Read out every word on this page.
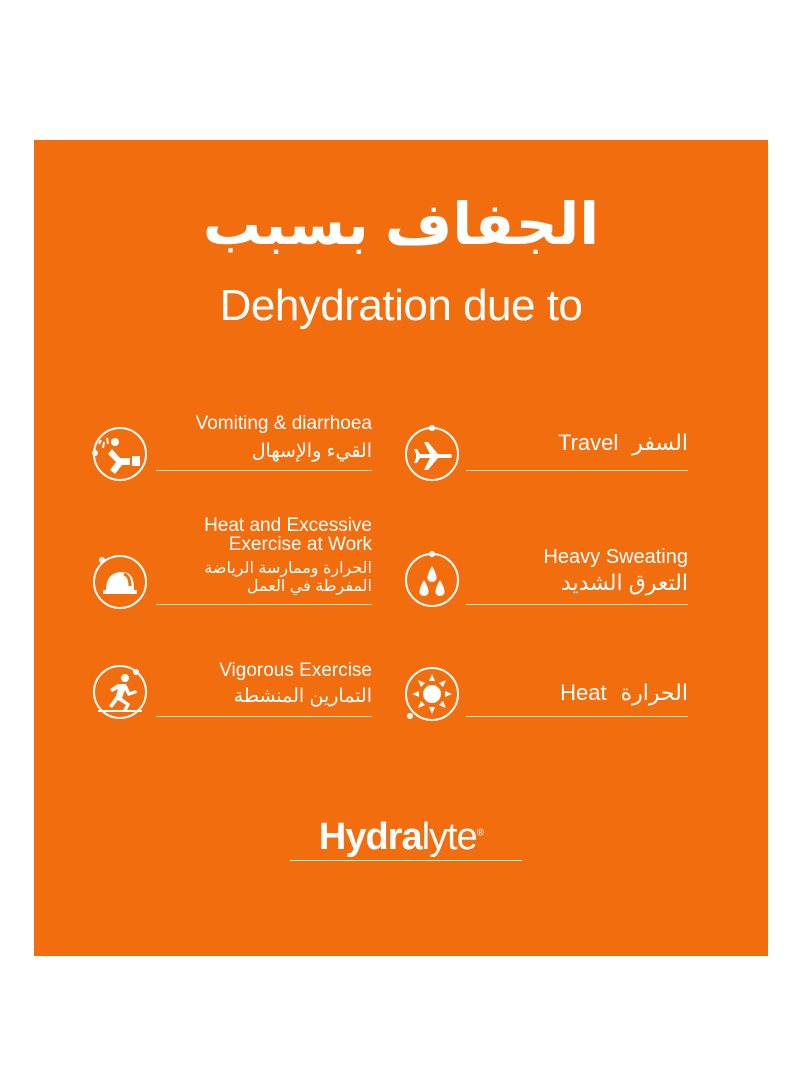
الجفاف بسبب
Dehydration due to
Vomiting & diarrhoea
القيء والإسهال	السفر
Travel
Heat and Excessive
Exercise at Work
الحرارة وممارسة الرياضة
المفرطة في العمل
Heavy Sweating
التعرق الشديد
Vigorous Exercise
التمارين المنشطة	الحرارة
Heat
Hydralyte®
